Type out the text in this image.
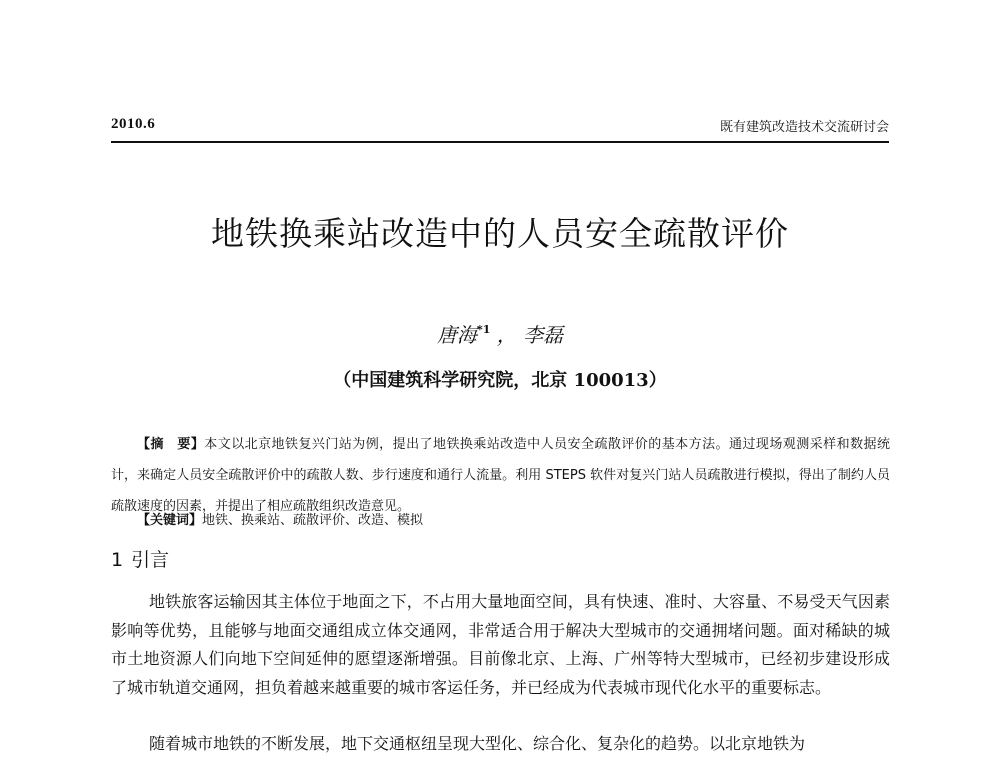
2010.6	既有建筑改造技术交流研讨会
地铁换乘站改造中的人员安全疏散评价
唐海$^{*1}$ ， 李磊
（中国建筑科学研究院，北京 100013）

【摘　要】本文以北京地铁复兴门站为例，提出了地铁换乘站改造中人员安全疏散评价的基本方法。通过现场观测采样和数据统计，来确定人员安全疏散评价中的疏散人数、步行速度和通行人流量。利用 STEPS 软件对复兴门站人员疏散进行模拟，得出了制约人员疏散速度的因素，并提出了相应疏散组织改造意见。

【关键词】地铁、换乘站、疏散评价、改造、模拟

1 引言

地铁旅客运输因其主体位于地面之下，不占用大量地面空间，具有快速、准时、大容量、不易受天气因素影响等优势，且能够与地面交通组成立体交通网，非常适合用于解决大型城市的交通拥堵问题。面对稀缺的城市土地资源人们向地下空间延伸的愿望逐渐增强。目前像北京、上海、广州等特大型城市，已经初步建设形成了城市轨道交通网，担负着越来越重要的城市客运任务，并已经成为代表城市现代化水平的重要标志。

随着城市地铁的不断发展，地下交通枢纽呈现大型化、综合化、复杂化的趋势。以北京地铁为
